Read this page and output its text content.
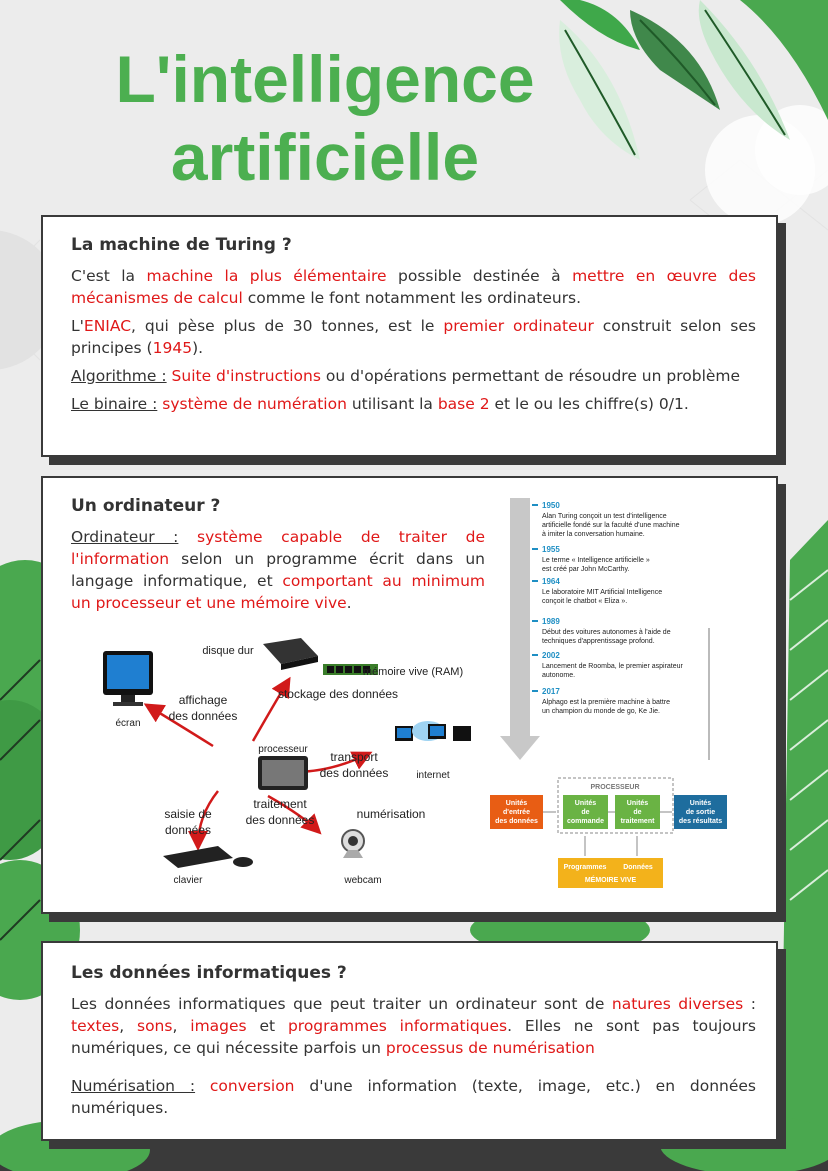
L'intelligence
artificielle
La machine de Turing ?

C'est la machine la plus élémentaire possible destinée à mettre en œuvre des mécanismes de calcul comme le font notamment les ordinateurs.

L'ENIAC, qui pèse plus de 30 tonnes, est le premier ordinateur construit selon ses principes (1945).

Algorithme : Suite d'instructions ou d'opérations permettant de résoudre un problème

Le binaire : système de numération utilisant la base 2 et le ou les chiffre(s) 0/1.

Un ordinateur ?

Ordinateur : système capable de traiter de l'information selon un programme écrit dans un langage informatique, et comportant au minimum un processeur et une mémoire vive.

disque dur
mémoire vive (RAM)
stockage des données
affichage
des données
écran
processeur
transport
des données	internet
saisie de
données
traitement
des données	numérisation
clavier	webcam
1950
Alan Turing conçoit un test d'intelligence
artificielle fondé sur la faculté d'une machine
à imiter la conversation humaine.
1955
Le terme « Intelligence artificielle »
est créé par John McCarthy.
1964
Le laboratoire MIT Artificial Intelligence
conçoit le chatbot « Eliza ».
1989
Début des voitures autonomes à l'aide de
techniques d'apprentissage profond.
2002
Lancement de Roomba, le premier aspirateur
autonome.
2017
Alphago est la première machine à battre
un champion du monde de go, Ke Jie.
PROCESSEUR
Unités
d'entrée
des données
Unités
de
commande
Unités
de
traitement
Unités
de sortie
des résultats
Programmes Données
MÉMOIRE VIVE
Les données informatiques ?

Les données informatiques que peut traiter un ordinateur sont de natures diverses : textes, sons, images et programmes informatiques. Elles ne sont pas toujours numériques, ce qui nécessite parfois un processus de numérisation

Numérisation : conversion d'une information (texte, image, etc.) en données numériques.
